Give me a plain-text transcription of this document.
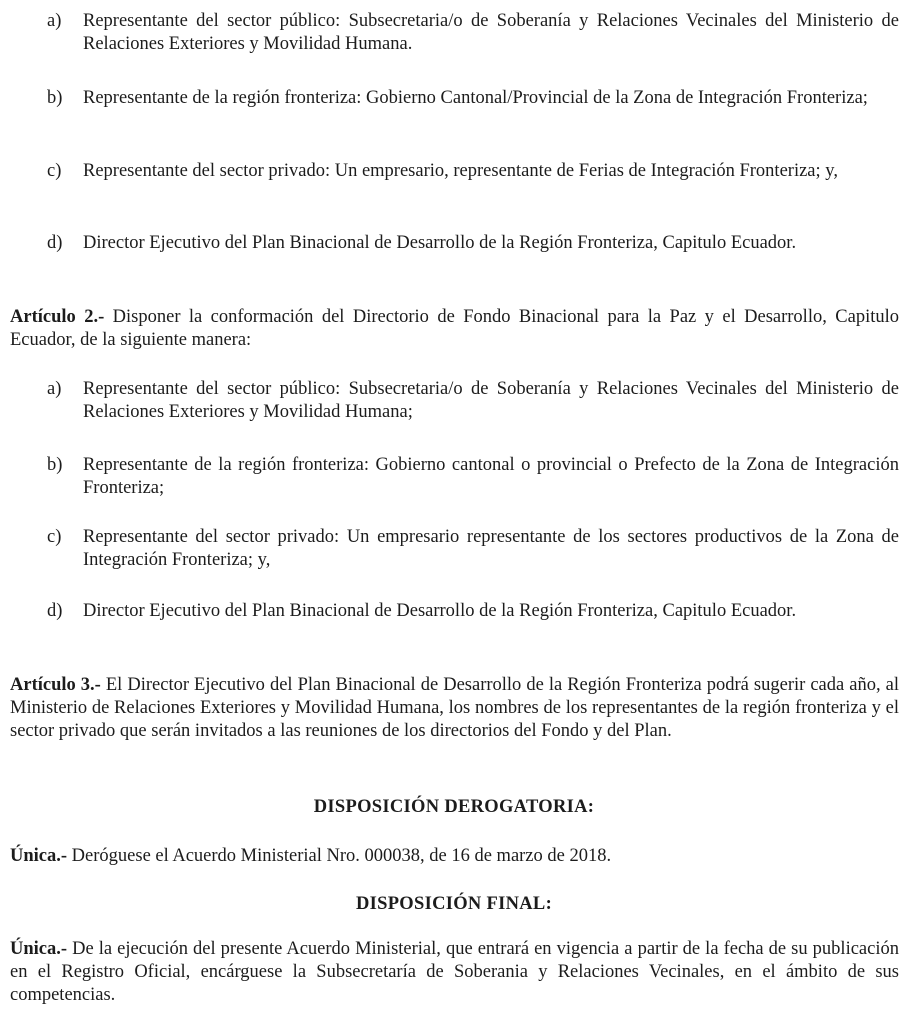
a)	Representante del sector público: Subsecretaria/o de Soberanía y Relaciones Vecinales del Ministerio de Relaciones Exteriores y Movilidad Humana.
b)	Representante de la región fronteriza: Gobierno Cantonal/Provincial de la Zona de Integración Fronteriza;
c)	Representante del sector privado: Un empresario, representante de Ferias de Integración Fronteriza; y,
d)	Director Ejecutivo del Plan Binacional de Desarrollo de la Región Fronteriza, Capitulo Ecuador.
Artículo 2.- Disponer la conformación del Directorio de Fondo Binacional para la Paz y el Desarrollo, Capitulo Ecuador, de la siguiente manera:
a)	Representante del sector público: Subsecretaria/o de Soberanía y Relaciones Vecinales del Ministerio de Relaciones Exteriores y Movilidad Humana;
b)	Representante de la región fronteriza: Gobierno cantonal o provincial o Prefecto de la Zona de Integración Fronteriza;
c)	Representante del sector privado: Un empresario representante de los sectores productivos de la Zona de Integración Fronteriza; y,
d)	Director Ejecutivo del Plan Binacional de Desarrollo de la Región Fronteriza, Capitulo Ecuador.
Artículo 3.- El Director Ejecutivo del Plan Binacional de Desarrollo de la Región Fronteriza podrá sugerir cada año, al Ministerio de Relaciones Exteriores y Movilidad Humana, los nombres de los representantes de la región fronteriza y el sector privado que serán invitados a las reuniones de los directorios del Fondo y del Plan.
DISPOSICIÓN DEROGATORIA:
Única.- Deróguese el Acuerdo Ministerial Nro. 000038, de 16 de marzo de 2018.
DISPOSICIÓN FINAL:
Única.- De la ejecución del presente Acuerdo Ministerial, que entrará en vigencia a partir de la fecha de su publicación en el Registro Oficial, encárguese la Subsecretaría de Soberania y Relaciones Vecinales, en el ámbito de sus competencias.
